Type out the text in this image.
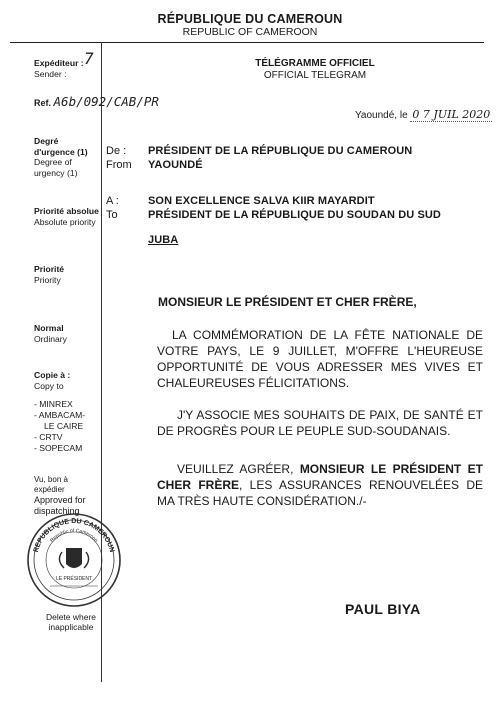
RÉPUBLIQUE DU CAMEROUN
REPUBLIC OF CAMEROON
TÉLÉGRAMME OFFICIEL
OFFICIAL TELEGRAM
Expéditeur : 7

Sender :
Ref. A6b/092/CAB/PR
Degré d'urgence (1)
Degree of urgency (1)
Priorité absolue
Absolute priority
Priorité
Priority
Normal
Ordinary
Copie à :
Copy to
- MINREX
- AMBACAM-
LE CAIRE
- CRTV
- SOPECAM
Vu, bon à expédier
Approved for dispatching
Delete where inapplicable
REPUBLIQUE DU CAMEROUN
Republic of Cameroon
LE PRÉSIDENT
Yaoundé, le 0 7 JUIL 2020
De :
From
PRÉSIDENT DE LA RÉPUBLIQUE DU CAMEROUN
YAOUNDÉ
A :
To
SON EXCELLENCE SALVA KIIR MAYARDIT
PRÉSIDENT DE LA RÉPUBLIQUE DU SOUDAN DU SUD
JUBA
MONSIEUR LE PRÉSIDENT ET CHER FRÈRE,
LA COMMÉMORATION DE LA FÊTE NATIONALE DE VOTRE PAYS, LE 9 JUILLET, M'OFFRE L'HEUREUSE OPPORTUNITÉ DE VOUS ADRESSER MES VIVES ET CHALEUREUSES FÉLICITATIONS.
J'Y ASSOCIE MES SOUHAITS DE PAIX, DE SANTÉ ET DE PROGRÈS POUR LE PEUPLE SUD-SOUDANAIS.
VEUILLEZ AGRÉER, MONSIEUR LE PRÉSIDENT ET CHER FRÈRE, LES ASSURANCES RENOUVELÉES DE MA TRÈS HAUTE CONSIDÉRATION./-
PAUL BIYA
